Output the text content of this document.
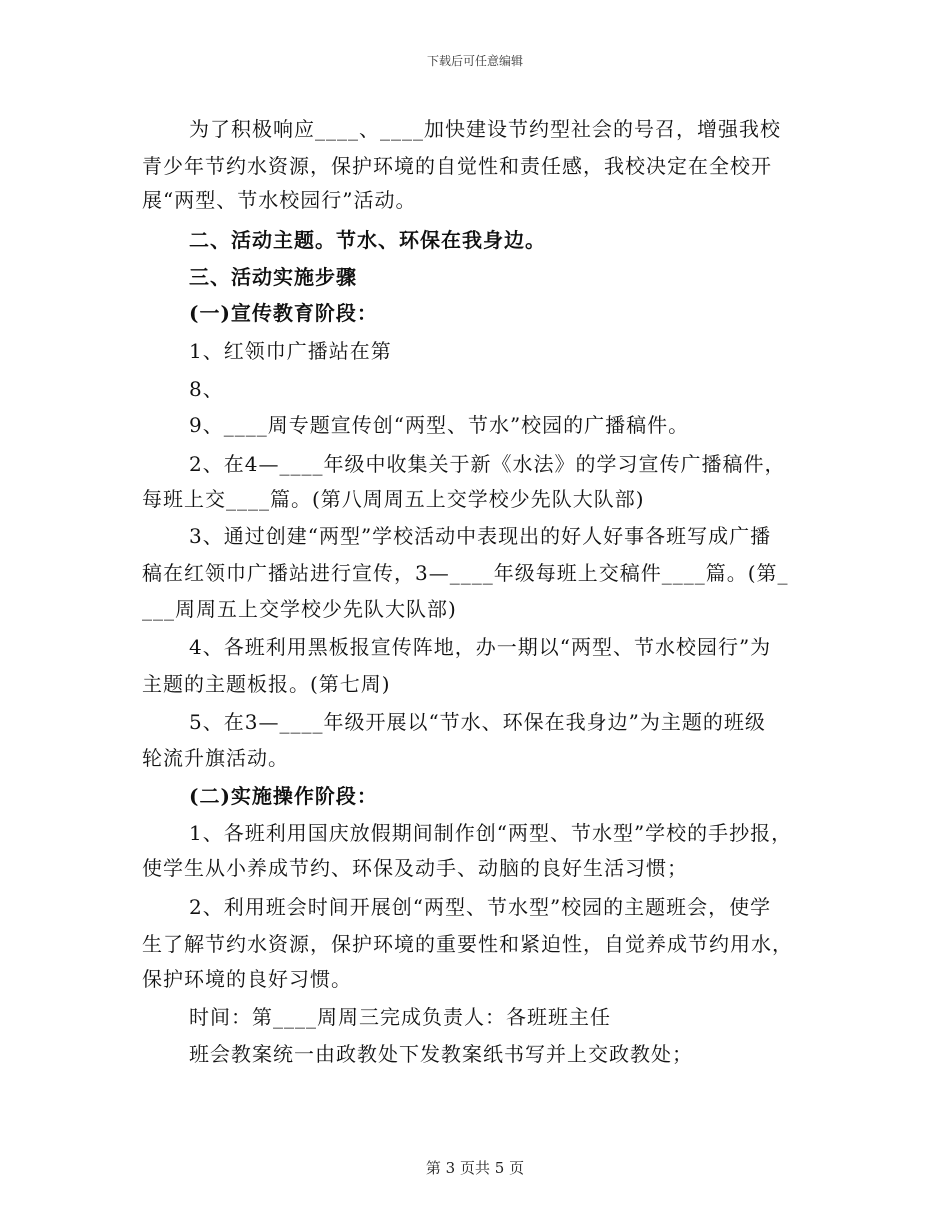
下载后可任意编辑
为了积极响应____、____加快建设节约型社会的号召，增强我校
青少年节约水资源，保护环境的自觉性和责任感，我校决定在全校开
展“两型、节水校园行”活动。
二、活动主题。节水、环保在我身边。
三、活动实施步骤
(一)宣传教育阶段：
1、红领巾广播站在第
8、
9、____周专题宣传创“两型、节水”校园的广播稿件。
2、在4—____年级中收集关于新《水法》的学习宣传广播稿件，
每班上交____篇。(第八周周五上交学校少先队大队部)
3、通过创建“两型”学校活动中表现出的好人好事各班写成广播
稿在红领巾广播站进行宣传，3—____年级每班上交稿件____篇。(第_
___周周五上交学校少先队大队部)
4、各班利用黑板报宣传阵地，办一期以“两型、节水校园行”为
主题的主题板报。(第七周)
5、在3—____年级开展以“节水、环保在我身边”为主题的班级
轮流升旗活动。
(二)实施操作阶段：
1、各班利用国庆放假期间制作创“两型、节水型”学校的手抄报，
使学生从小养成节约、环保及动手、动脑的良好生活习惯；
2、利用班会时间开展创“两型、节水型”校园的主题班会，使学
生了解节约水资源，保护环境的重要性和紧迫性，自觉养成节约用水，
保护环境的良好习惯。
时间：第____周周三完成负责人：各班班主任
班会教案统一由政教处下发教案纸书写并上交政教处；
第 3 页共 5 页
